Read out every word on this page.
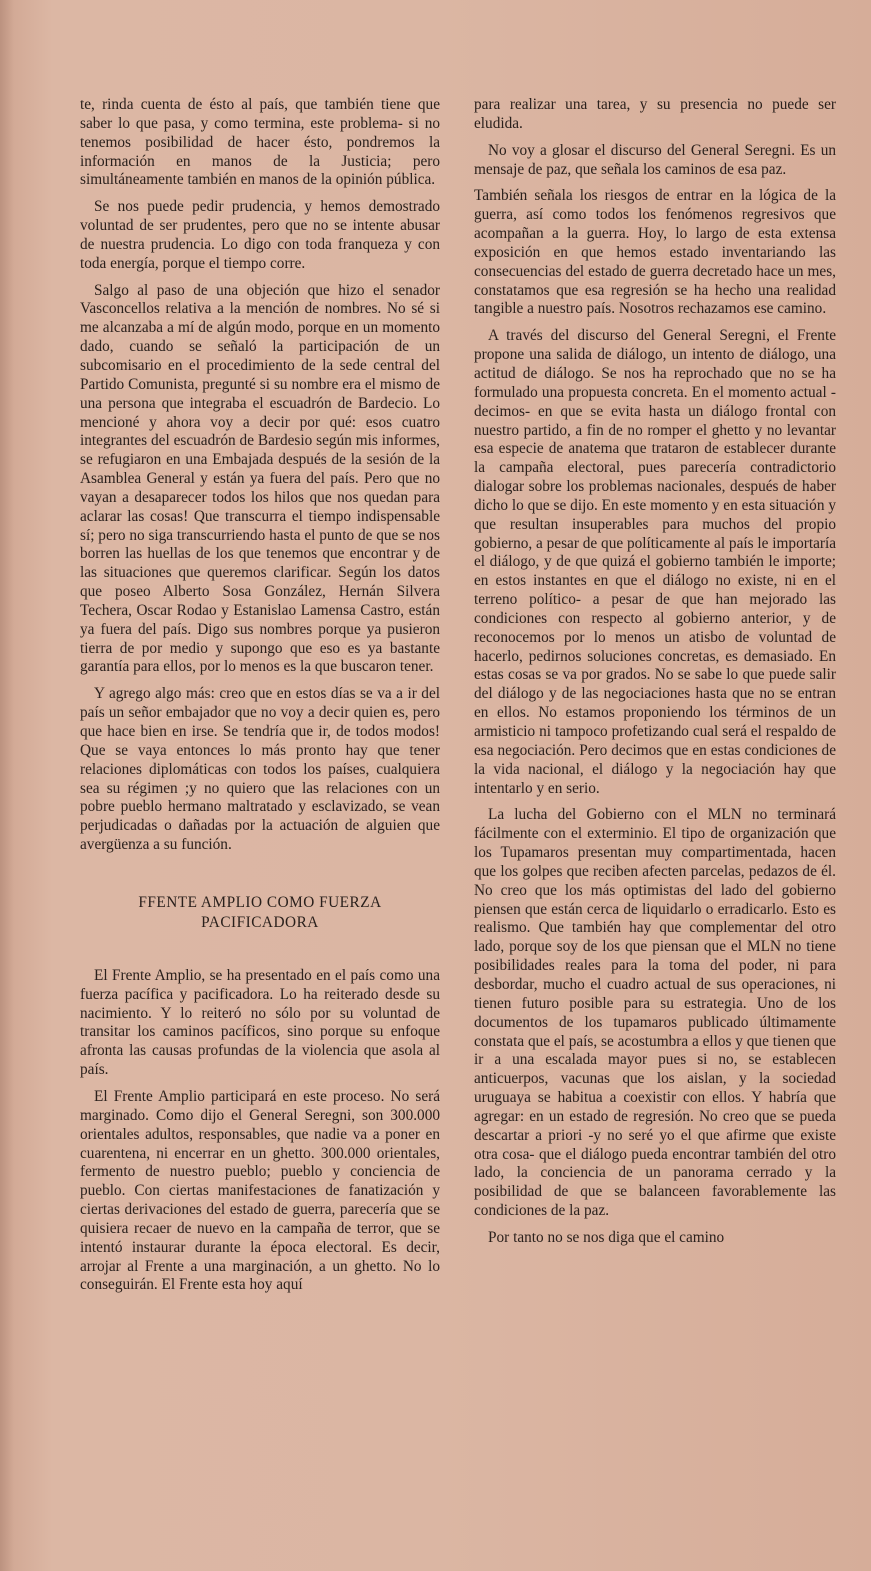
te, rinda cuenta de ésto al país, que también tiene que saber lo que pasa, y como termina, este problema- si no tenemos posibilidad de hacer ésto, pondremos la información en manos de la Justicia; pero simultáneamente también en manos de la opinión pública.

Se nos puede pedir prudencia, y hemos demostrado voluntad de ser prudentes, pero que no se intente abusar de nuestra prudencia. Lo digo con toda franqueza y con toda energía, porque el tiempo corre.

Salgo al paso de una objeción que hizo el senador Vasconcellos relativa a la mención de nombres. No sé si me alcanzaba a mí de algún modo, porque en un momento dado, cuando se señaló la participación de un subcomisario en el procedimiento de la sede central del Partido Comunista, pregunté si su nombre era el mismo de una persona que integraba el escuadrón de Bardecio. Lo mencioné y ahora voy a decir por qué: esos cuatro integrantes del escuadrón de Bardesio según mis informes, se refugiaron en una Embajada después de la sesión de la Asamblea General y están ya fuera del país. Pero que no vayan a desaparecer todos los hilos que nos quedan para aclarar las cosas! Que transcurra el tiempo indispensable sí; pero no siga transcurriendo hasta el punto de que se nos borren las huellas de los que tenemos que encontrar y de las situaciones que queremos clarificar. Según los datos que poseo Alberto Sosa González, Hernán Silvera Techera, Oscar Rodao y Estanislao Lamensa Castro, están ya fuera del país. Digo sus nombres porque ya pusieron tierra de por medio y supongo que eso es ya bastante garantía para ellos, por lo menos es la que buscaron tener.

Y agrego algo más: creo que en estos días se va a ir del país un señor embajador que no voy a decir quien es, pero que hace bien en irse. Se tendría que ir, de todos modos! Que se vaya entonces lo más pronto hay que tener relaciones diplomáticas con todos los países, cualquiera sea su régimen ;y no quiero que las relaciones con un pobre pueblo hermano maltratado y esclavizado, se vean perjudicadas o dañadas por la actuación de alguien que avergüenza a su función.

FFENTE AMPLIO COMO FUERZA PACIFICADORA

El Frente Amplio, se ha presentado en el país como una fuerza pacífica y pacificadora. Lo ha reiterado desde su nacimiento. Y lo reiteró no sólo por su voluntad de transitar los caminos pacíficos, sino porque su enfoque afronta las causas profundas de la violencia que asola al país.

El Frente Amplio participará en este proceso. No será marginado. Como dijo el General Seregni, son 300.000 orientales adultos, responsables, que nadie va a poner en cuarentena, ni encerrar en un ghetto. 300.000 orientales, fermento de nuestro pueblo; pueblo y conciencia de pueblo. Con ciertas manifestaciones de fanatización y ciertas derivaciones del estado de guerra, parecería que se quisiera recaer de nuevo en la campaña de terror, que se intentó instaurar durante la época electoral. Es decir, arrojar al Frente a una marginación, a un ghetto. No lo conseguirán. El Frente esta hoy aquí

para realizar una tarea, y su presencia no puede ser eludida.

No voy a glosar el discurso del General Seregni. Es un mensaje de paz, que señala los caminos de esa paz.

También señala los riesgos de entrar en la lógica de la guerra, así como todos los fenómenos regresivos que acompañan a la guerra. Hoy, lo largo de esta extensa exposición en que hemos estado inventariando las consecuencias del estado de guerra decretado hace un mes, constatamos que esa regresión se ha hecho una realidad tangible a nuestro país. Nosotros rechazamos ese camino.

A través del discurso del General Seregni, el Frente propone una salida de diálogo, un intento de diálogo, una actitud de diálogo. Se nos ha reprochado que no se ha formulado una propuesta concreta. En el momento actual -decimos- en que se evita hasta un diálogo frontal con nuestro partido, a fin de no romper el ghetto y no levantar esa especie de anatema que trataron de establecer durante la campaña electoral, pues parecería contradictorio dialogar sobre los problemas nacionales, después de haber dicho lo que se dijo. En este momento y en esta situación y que resultan insuperables para muchos del propio gobierno, a pesar de que políticamente al país le importaría el diálogo, y de que quizá el gobierno también le importe; en estos instantes en que el diálogo no existe, ni en el terreno político- a pesar de que han mejorado las condiciones con respecto al gobierno anterior, y de reconocemos por lo menos un atisbo de voluntad de hacerlo, pedirnos soluciones concretas, es demasiado. En estas cosas se va por grados. No se sabe lo que puede salir del diálogo y de las negociaciones hasta que no se entran en ellos. No estamos proponiendo los términos de un armisticio ni tampoco profetizando cual será el respaldo de esa negociación. Pero decimos que en estas condiciones de la vida nacional, el diálogo y la negociación hay que intentarlo y en serio.

La lucha del Gobierno con el MLN no terminará fácilmente con el exterminio. El tipo de organización que los Tupamaros presentan muy compartimentada, hacen que los golpes que reciben afecten parcelas, pedazos de él. No creo que los más optimistas del lado del gobierno piensen que están cerca de liquidarlo o erradicarlo. Esto es realismo. Que también hay que complementar del otro lado, porque soy de los que piensan que el MLN no tiene posibilidades reales para la toma del poder, ni para desbordar, mucho el cuadro actual de sus operaciones, ni tienen futuro posible para su estrategia. Uno de los documentos de los tupamaros publicado últimamente constata que el país, se acostumbra a ellos y que tienen que ir a una escalada mayor pues si no, se establecen anticuerpos, vacunas que los aislan, y la sociedad uruguaya se habitua a coexistir con ellos. Y habría que agregar: en un estado de regresión. No creo que se pueda descartar a priori -y no seré yo el que afirme que existe otra cosa- que el diálogo pueda encontrar también del otro lado, la conciencia de un panorama cerrado y la posibilidad de que se balanceen favorablemente las condiciones de la paz.

Por tanto no se nos diga que el camino
